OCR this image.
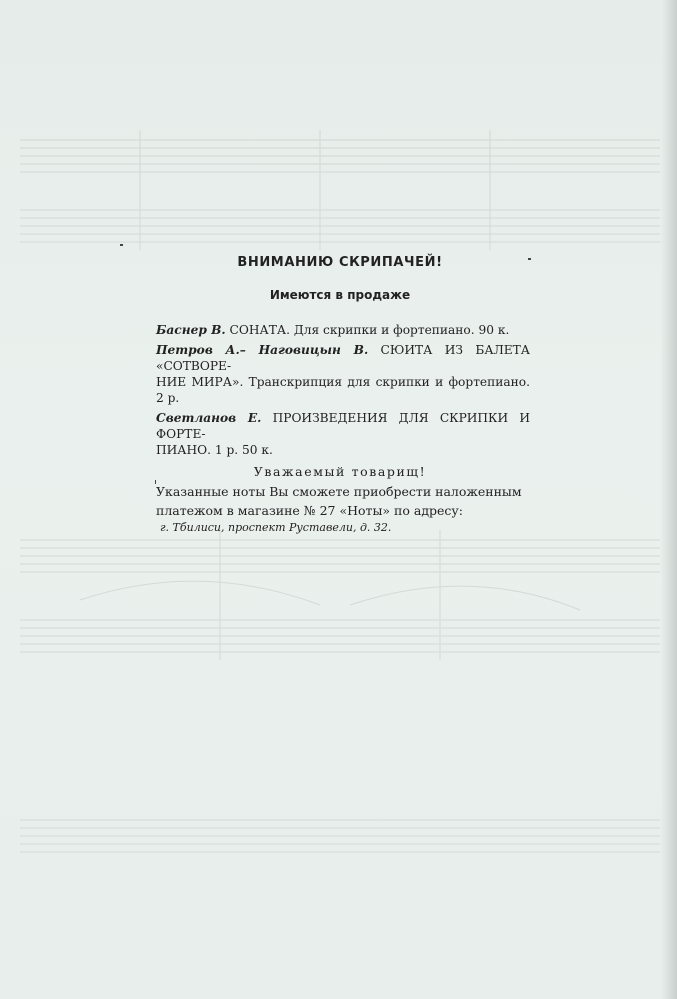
ВНИМАНИЮ СКРИПАЧЕЙ!
Имеются в продаже
Баснер В. СОНАТА. Для скрипки и фортепиано. 90 к.
Петров А.– Наговицын В. СЮИТА ИЗ БАЛЕТА «СОТВОРЕ-
НИЕ МИРА». Транскрипция для скрипки и фортепиано. 2 р.
Светланов Е. ПРОИЗВЕДЕНИЯ ДЛЯ СКРИПКИ И ФОРТЕ-
ПИАНО. 1 р. 50 к.
Уважаемый товарищ!
Указанные ноты Вы сможете приобрести наложенным
платежом в магазине № 27 «Ноты» по адресу:
г. Тбилиси, проспект Руставели, д. 32.
